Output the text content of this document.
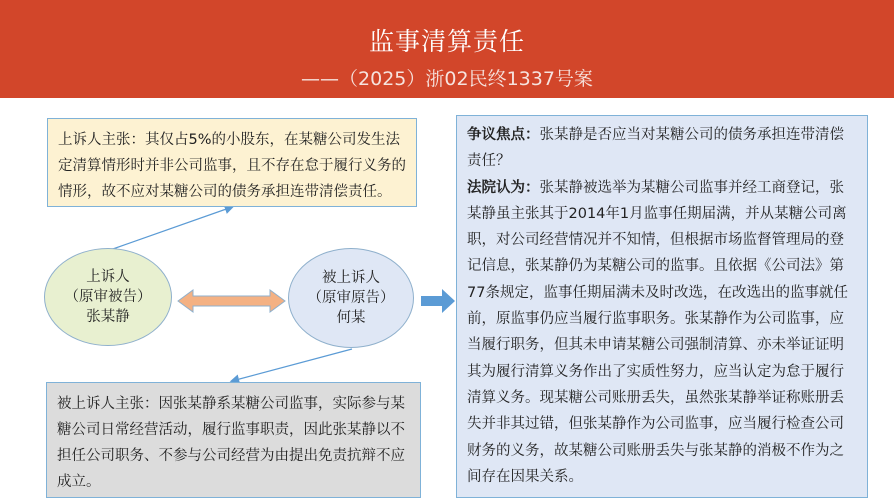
监事清算责任
——（2025）浙02民终1337号案
上诉人主张：其仅占5%的小股东，在某糖公司发生法定清算情形时并非公司监事，且不存在怠于履行义务的情形，故不应对某糖公司的债务承担连带清偿责任。
上诉人
（原审被告）
张某静
被上诉人
（原审原告）
何某
被上诉人主张：因张某静系某糖公司监事，实际参与某糖公司日常经营活动，履行监事职责，因此张某静以不担任公司职务、不参与公司经营为由提出免责抗辩不应成立。
争议焦点：张某静是否应当对某糖公司的债务承担连带清偿责任？
法院认为：张某静被选举为某糖公司监事并经工商登记，张某静虽主张其于2014年1月监事任期届满，并从某糖公司离职，对公司经营情况并不知情，但根据市场监督管理局的登记信息，张某静仍为某糖公司的监事。且依据《公司法》第77条规定，监事任期届满未及时改选，在改选出的监事就任前，原监事仍应当履行监事职务。张某静作为公司监事，应当履行职务，但其未申请某糖公司强制清算、亦未举证证明其为履行清算义务作出了实质性努力，应当认定为怠于履行清算义务。现某糖公司账册丢失，虽然张某静举证称账册丢失并非其过错，但张某静作为公司监事，应当履行检查公司财务的义务，故某糖公司账册丢失与张某静的消极不作为之间存在因果关系。
